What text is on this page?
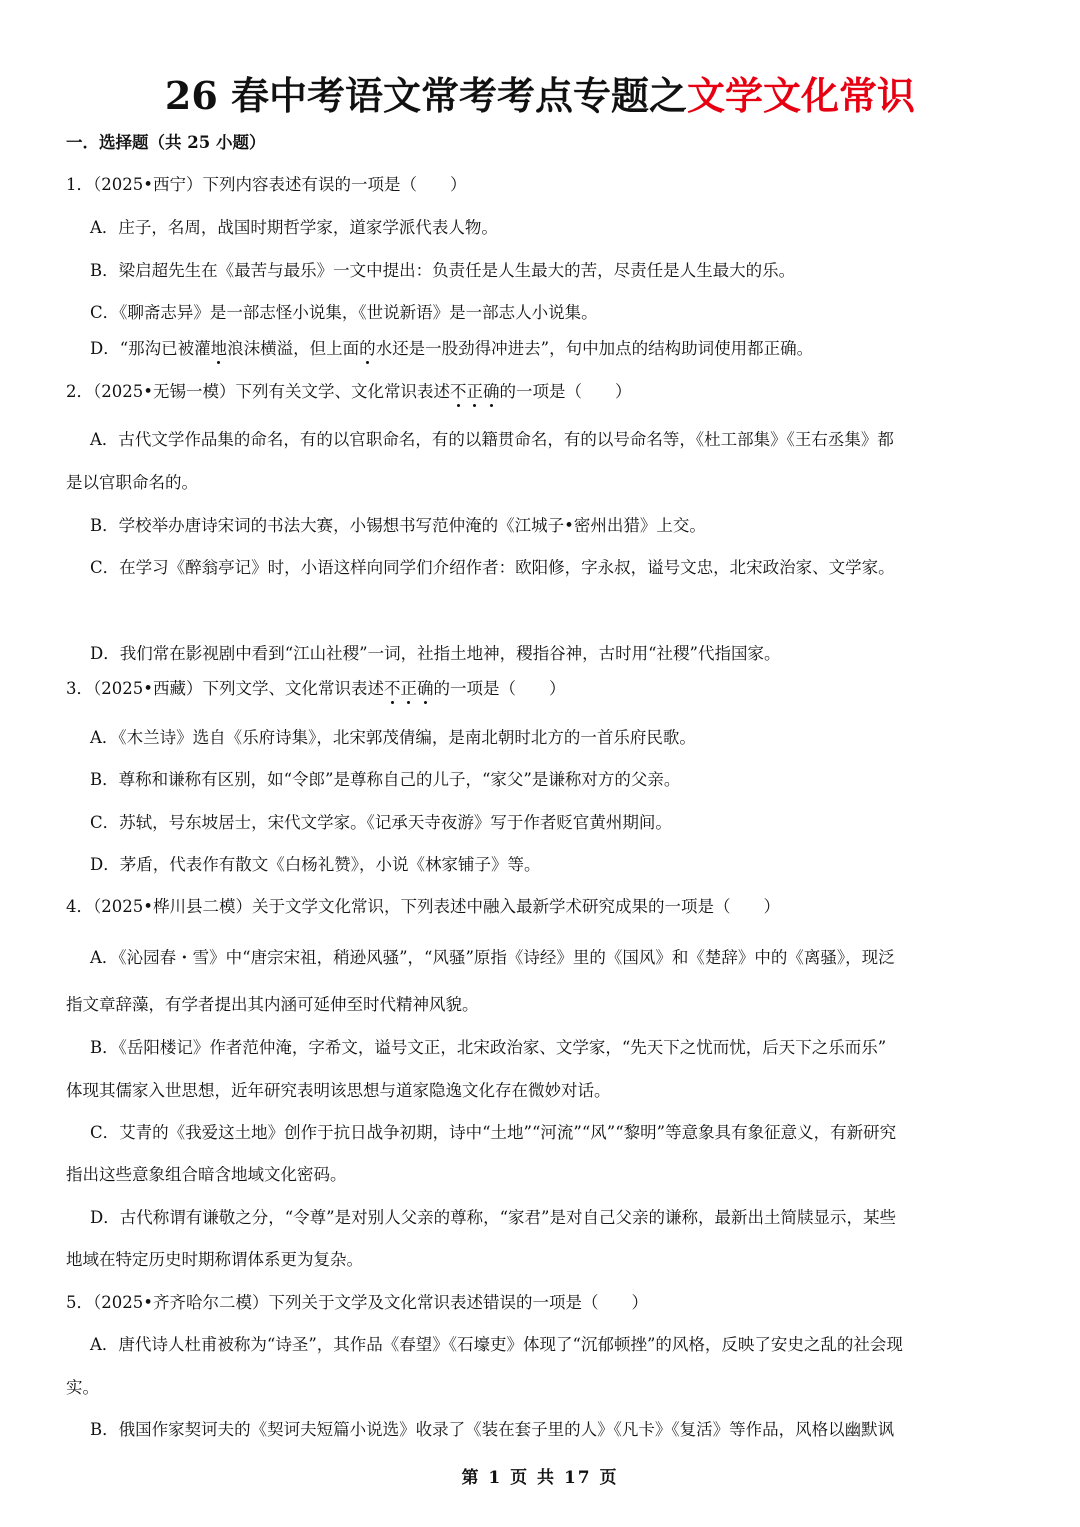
26 春中考语文常考考点专题之文学文化常识
一．选择题（共 25 小题）
1．（2025•西宁）下列内容表述有误的一项是（　　）
A．庄子，名周，战国时期哲学家，道家学派代表人物。
B．梁启超先生在《最苦与最乐》一文中提出：负责任是人生最大的苦，尽责任是人生最大的乐。
C．《聊斋志异》是一部志怪小说集，《世说新语》是一部志人小说集。
D．“那沟已被灌地浪沫横溢，但上面的水还是一股劲得冲进去”，句中加点的结构助词使用都正确。
2．（2025•无锡一模）下列有关文学、文化常识表述不正确的一项是（　　）
A．古代文学作品集的命名，有的以官职命名，有的以籍贯命名，有的以号命名等，《杜工部集》《王右丞集》都
是以官职命名的。
B．学校举办唐诗宋词的书法大赛，小锡想书写范仲淹的《江城子•密州出猎》上交。
C．在学习《醉翁亭记》时，小语这样向同学们介绍作者：欧阳修，字永叔，谥号文忠，北宋政治家、文学家。
D．我们常在影视剧中看到“江山社稷”一词，社指土地神，稷指谷神，古时用“社稷”代指国家。
3．（2025•西藏）下列文学、文化常识表述不正确的一项是（　　）
A．《木兰诗》选自《乐府诗集》，北宋郭茂倩编，是南北朝时北方的一首乐府民歌。
B．尊称和谦称有区别，如“令郎”是尊称自己的儿子，“家父”是谦称对方的父亲。
C．苏轼，号东坡居士，宋代文学家。《记承天寺夜游》写于作者贬官黄州期间。
D．茅盾，代表作有散文《白杨礼赞》，小说《林家铺子》等。
4．（2025•桦川县二模）关于文学文化常识，下列表述中融入最新学术研究成果的一项是（　　）
A．《沁园春・雪》中“唐宗宋祖，稍逊风骚”，“风骚”原指《诗经》里的《国风》和《楚辞》中的《离骚》，现泛
指文章辞藻，有学者提出其内涵可延伸至时代精神风貌。
B．《岳阳楼记》作者范仲淹，字希文，谥号文正，北宋政治家、文学家，“先天下之忧而忧，后天下之乐而乐”
体现其儒家入世思想，近年研究表明该思想与道家隐逸文化存在微妙对话。
C．艾青的《我爱这土地》创作于抗日战争初期，诗中“土地”“河流”“风”“黎明”等意象具有象征意义，有新研究
指出这些意象组合暗含地域文化密码。
D．古代称谓有谦敬之分，“令尊”是对别人父亲的尊称，“家君”是对自己父亲的谦称，最新出土简牍显示，某些
地域在特定历史时期称谓体系更为复杂。
5．（2025•齐齐哈尔二模）下列关于文学及文化常识表述错误的一项是（　　）
A．唐代诗人杜甫被称为“诗圣”，其作品《春望》《石壕吏》体现了“沉郁顿挫”的风格，反映了安史之乱的社会现
实。
B．俄国作家契诃夫的《契诃夫短篇小说选》收录了《装在套子里的人》《凡卡》《复活》等作品，风格以幽默讽
第 1 页 共 17 页
